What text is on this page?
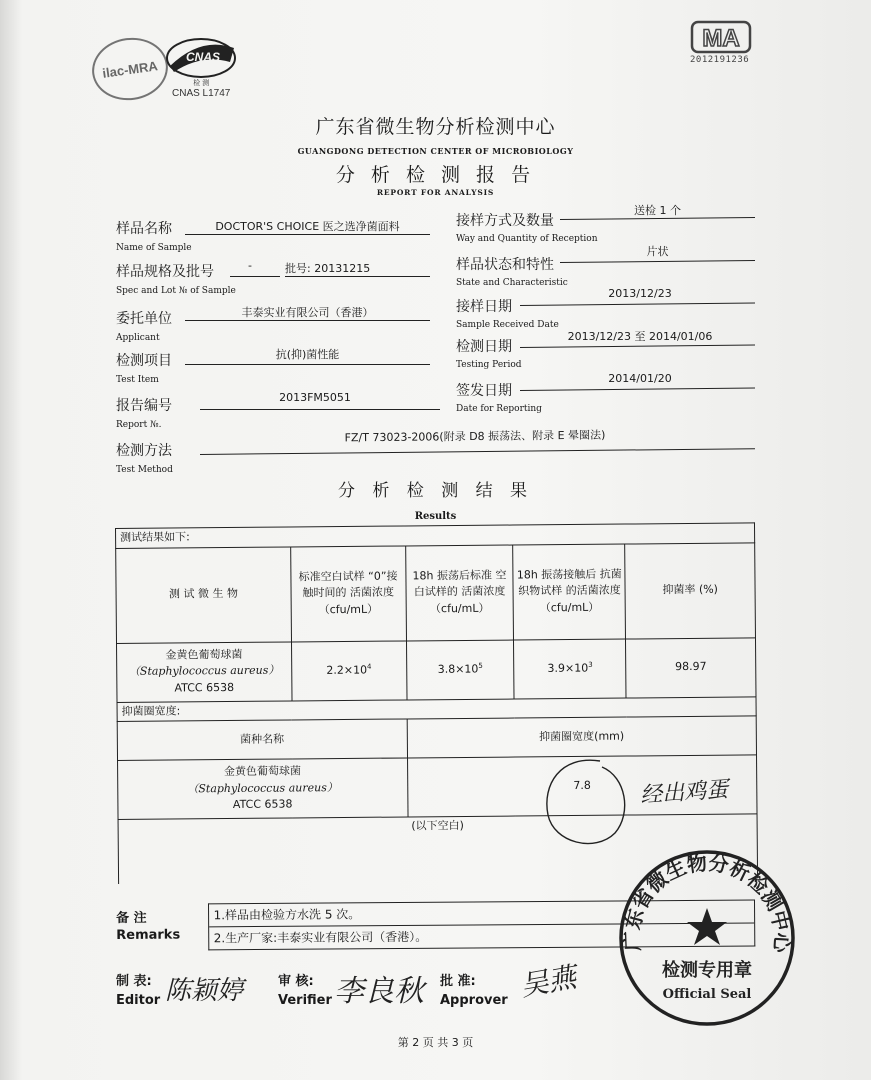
ilac-MRA
CNAS
检 测
CNAS L1747
MA
2012191236
广东省微生物分析检测中心
GUANGDONG DETECTION CENTER OF MICROBIOLOGY
分 析 检 测 报 告
REPORT FOR ANALYSIS
样品名称
Name of Sample
DOCTOR'S CHOICE 医之选净菌面料
样品规格及批号
Spec and Lot № of Sample
-	批号: 20131215
委托单位
Applicant
丰泰实业有限公司（香港）
检测项目
Test Item
抗(抑)菌性能
报告编号
Report №.
2013FM5051
检测方法
Test Method
FZ/T 73023-2006(附录 D8 振荡法、附录 E 晕圈法)
接样方式及数量
Way and Quantity of Reception
送检 1 个
样品状态和特性
State and Characteristic
片状
接样日期
Sample Received Date
2013/12/23
检测日期
Testing Period
2013/12/23 至 2014/01/06
签发日期
Date for Reporting
2014/01/20
分 析 检 测 结 果
Results
测试结果如下:				
测 试 微 生 物	标准空白试样 “0”接 触时间的 活菌浓度 （cfu/mL）	18h 振荡后标准 空白试样的 活菌浓度 （cfu/mL）	18h 振荡接触后 抗菌织物试样 的活菌浓度 （cfu/mL）	抑菌率 (%)

金黄色葡萄球菌
（Staphylococcus aureus）
ATCC 6538	$2.2\times 10^4$	$3.8\times 10^5$	$3.9\times 10^3$	98.97
抑菌圈宽度:				
菌种名称		抑菌圈宽度(mm)		

金黄色葡萄球菌
（Staphylococcus aureus）
ATCC 6538		7.8		
(以下空白)				
经出鸡蛋
备 注
Remarks

1.样品由检验方水洗 5 次。
2.生产厂家:丰泰实业有限公司（香港）。
制 表:
Editor 陈颖婷	审 核:
Verifier 李良秋 批 准:
Approver 吴燕
广东省微生物分析检测中心
检测专用章
Official Seal
第 2 页 共 3 页
